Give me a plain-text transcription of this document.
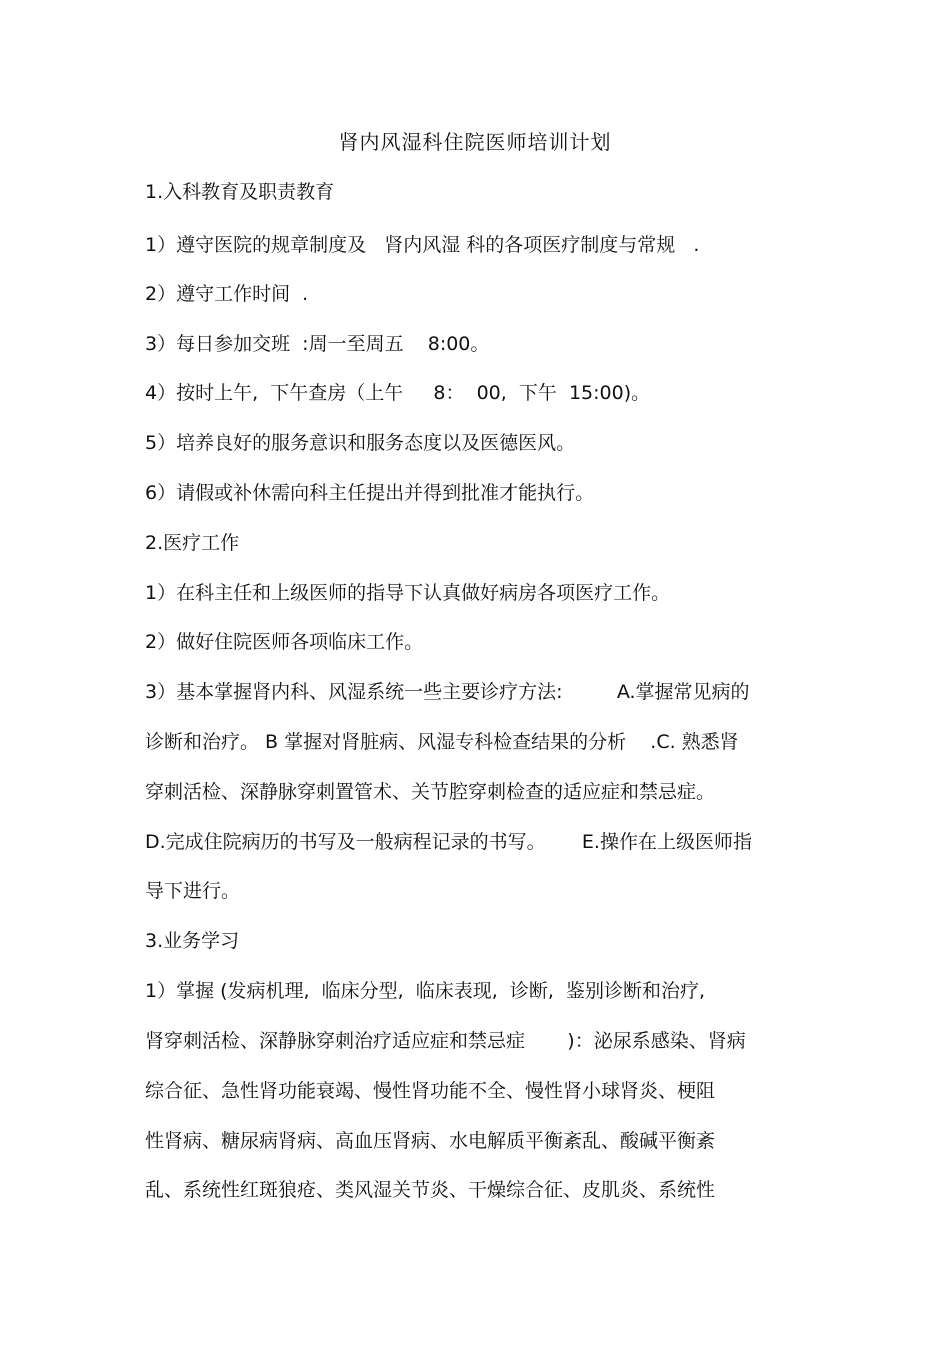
肾内风湿科住院医师培训计划
1.入科教育及职责教育
1）遵守医院的规章制度及   肾内风湿 科的各项医疗制度与常规   .
2）遵守工作时间  .
3）每日参加交班  :周一至周五    8:00。
4）按时上午,  下午查房（上午     8：  00,  下午  15:00)。
5）培养良好的服务意识和服务态度以及医德医风。
6）请假或补休需向科主任提出并得到批准才能执行。
2.医疗工作
1）在科主任和上级医师的指导下认真做好病房各项医疗工作。
2）做好住院医师各项临床工作。
3）基本掌握肾内科、风湿系统一些主要诊疗方法:         A.掌握常见病的
诊断和治疗。 B 掌握对肾脏病、风湿专科检查结果的分析    .C. 熟悉肾
穿刺活检、深静脉穿刺置管术、关节腔穿刺检查的适应症和禁忌症。
D.完成住院病历的书写及一般病程记录的书写。      E.操作在上级医师指
导下进行。
3.业务学习
1）掌握 (发病机理,  临床分型,  临床表现,  诊断,  鉴别诊断和治疗,
肾穿刺活检、深静脉穿刺治疗适应症和禁忌症       )：泌尿系感染、肾病
综合征、急性肾功能衰竭、慢性肾功能不全、慢性肾小球肾炎、梗阻
性肾病、糖尿病肾病、高血压肾病、水电解质平衡紊乱、酸碱平衡紊
乱、系统性红斑狼疮、类风湿关节炎、干燥综合征、皮肌炎、系统性
